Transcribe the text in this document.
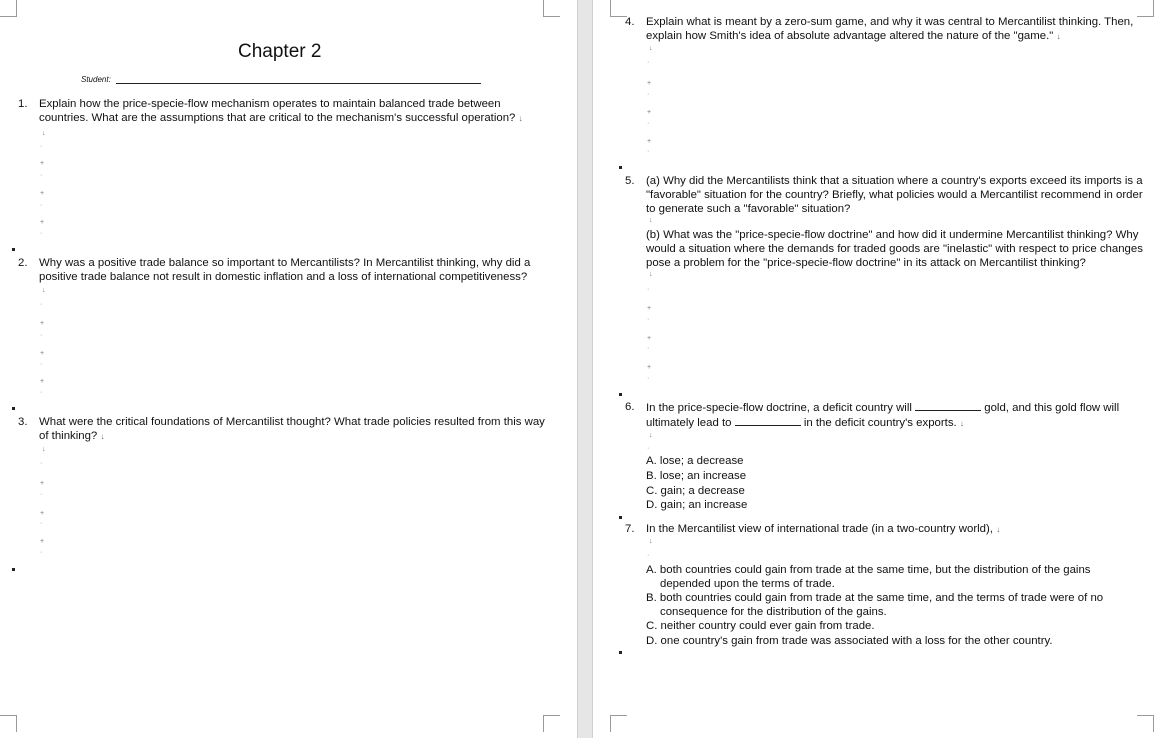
Chapter 2
Student:
1. Explain how the price-specie-flow mechanism operates to maintain balanced trade between countries. What are the assumptions that are critical to the mechanism's successful operation? ↓
↓
·
+
·
+
·
+
·
2. Why was a positive trade balance so important to Mercantilists? In Mercantilist thinking, why did a positive trade balance not result in domestic inflation and a loss of international competitiveness?
↓
·
+
·
+
·
+
·
3. What were the critical foundations of Mercantilist thought? What trade policies resulted from this way of thinking? ↓
↓
·
+
·
+
·
+
·
4. Explain what is meant by a zero-sum game, and why it was central to Mercantilist thinking. Then, explain how Smith's idea of absolute advantage altered the nature of the "game." ↓
↓
·
+
·
+
·
+
·
5. (a) Why did the Mercantilists think that a situation where a country's exports exceed its imports is a "favorable" situation for the country? Briefly, what policies would a Mercantilist recommend in order to generate such a "favorable" situation?
↓
(b) What was the "price-specie-flow doctrine" and how did it undermine Mercantilist thinking? Why would a situation where the demands for traded goods are "inelastic" with respect to price changes pose a problem for the "price-specie-flow doctrine" in its attack on Mercantilist thinking?
↓
·
+
·
+
·
+
·
6. In the price-specie-flow doctrine, a deficit country will	gold, and this gold flow will
ultimately lead to	in the deficit country's exports. ↓
↓
·
A. lose; a decrease
B. lose; an increase
C. gain; a decrease
D. gain; an increase
7. In the Mercantilist view of international trade (in a two-country world), ↓
↓
·
A. both countries could gain from trade at the same time, but the distribution of the gains
depended upon the terms of trade.
B. both countries could gain from trade at the same time, and the terms of trade were of no
consequence for the distribution of the gains.
C. neither country could ever gain from trade.
D. one country's gain from trade was associated with a loss for the other country.
